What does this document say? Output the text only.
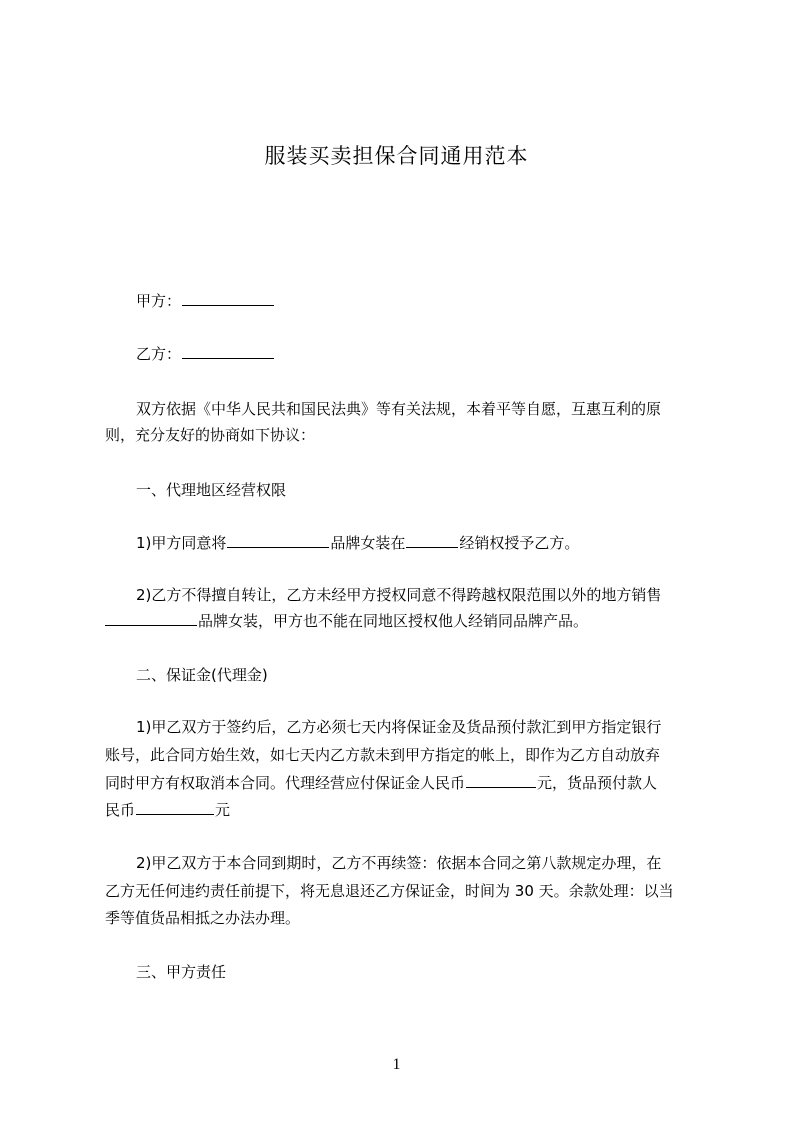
服装买卖担保合同通用范本
甲方：
乙方：
双方依据《中华人民共和国民法典》等有关法规，本着平等自愿，互惠互利的原
则，充分友好的协商如下协议：
一、代理地区经营权限
1)甲方同意将	品牌女装在	经销权授予乙方。
2)乙方不得擅自转让，乙方未经甲方授权同意不得跨越权限范围以外的地方销售
品牌女装，甲方也不能在同地区授权他人经销同品牌产品。
二、保证金(代理金)
1)甲乙双方于签约后，乙方必须七天内将保证金及货品预付款汇到甲方指定银行
账号，此合同方始生效，如七天内乙方款未到甲方指定的帐上，即作为乙方自动放弃
同时甲方有权取消本合同。代理经营应付保证金人民币	元，货品预付款人
民币	元
2)甲乙双方于本合同到期时，乙方不再续签：依据本合同之第八款规定办理，在
乙方无任何违约责任前提下，将无息退还乙方保证金，时间为 30 天。余款处理：以当
季等值货品相抵之办法办理。
三、甲方责任
1
